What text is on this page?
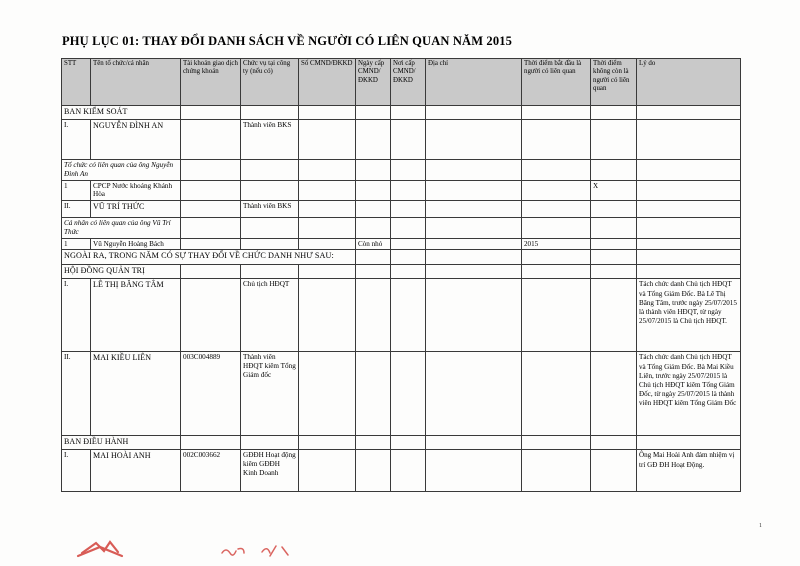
PHỤ LỤC 01: THAY ĐỔI DANH SÁCH VỀ NGƯỜI CÓ LIÊN QUAN NĂM 2015
STT	Tên tổ chức/cá nhân	Tài khoản giao dịch chứng khoán	Chức vụ tại công ty (nếu có)	Số CMND/ĐKKD	Ngày cấp CMND/ĐKKD	Nơi cấp CMND/ĐKKD	Địa chỉ	Thời điểm bắt đầu là người có liên quan	Thời điểm không còn là người có liên quan	Lý do
BAN KIỂM SOÁT										
I.	NGUYỄN ĐÌNH AN		Thành viên BKS							
Tổ chức có liên quan của ông Nguyễn Đình An										
1	CPCP Nước khoáng Khánh Hòa								X	
II.	VŨ TRÍ THỨC		Thành viên BKS							
Cá nhân có liên quan của ông Vũ Trí Thức										
1	Vũ Nguyễn Hoàng Bách				Còn nhỏ			2015		
NGOÀI RA, TRONG NĂM CÓ SỰ THAY ĐỔI VỀ CHỨC DANH NHƯ SAU:										
HỘI ĐỒNG QUẢN TRỊ										
I.	LÊ THỊ BĂNG TÂM		Chủ tịch HĐQT							Tách chức danh Chủ tịch HĐQT và Tổng Giám Đốc. Bà Lê Thị Băng Tâm, trước ngày 25/07/2015 là thành viên HĐQT, từ ngày 25/07/2015 là Chủ tịch HĐQT.
II.	MAI KIỀU LIÊN	003C004889	Thành viên HĐQT kiêm Tổng Giám đốc							Tách chức danh Chủ tịch HĐQT và Tổng Giám Đốc. Bà Mai Kiều Liên, trước ngày 25/07/2015 là Chủ tịch HĐQT kiêm Tổng Giám Đốc, từ ngày 25/07/2015 là thành viên HĐQT kiêm Tổng Giám Đốc
BAN ĐIỀU HÀNH										
I.	MAI HOÀI ANH	002C003662	GĐĐH Hoạt động kiêm GĐĐH Kinh Doanh							Ông Mai Hoài Anh đảm nhiệm vị trí GĐ ĐH Hoạt Động.
1
